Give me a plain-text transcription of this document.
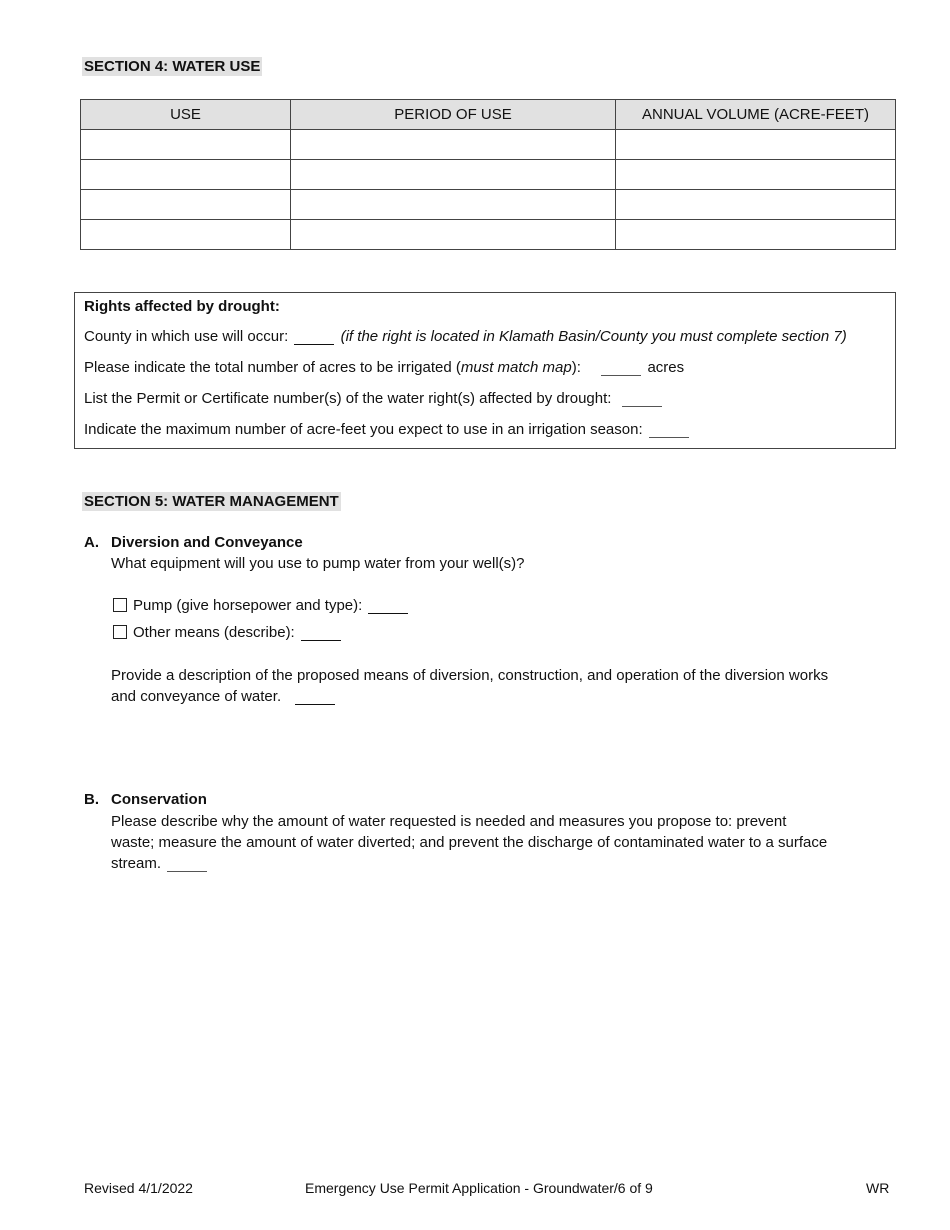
SECTION 4: WATER USE
USE	PERIOD OF USE	ANNUAL VOLUME (ACRE-FEET)

Rights affected by drought:
County in which use will occur:	(if the right is located in Klamath Basin/County you must complete section 7)
Please indicate the total number of acres to be irrigated (must match map):	acres
List the Permit or Certificate number(s) of the water right(s) affected by drought:
Indicate the maximum number of acre-feet you expect to use in an irrigation season:
SECTION 5: WATER MANAGEMENT
A. Diversion and Conveyance
What equipment will you use to pump water from your well(s)?
Pump (give horsepower and type):
Other means (describe):
Provide a description of the proposed means of diversion, construction, and operation of the diversion works and conveyance of water.
B. Conservation
Please describe why the amount of water requested is needed and measures you propose to: prevent waste; measure the amount of water diverted; and prevent the discharge of contaminated water to a surface stream.
Revised 4/1/2022	Emergency Use Permit Application - Groundwater/6 of 9	WR
